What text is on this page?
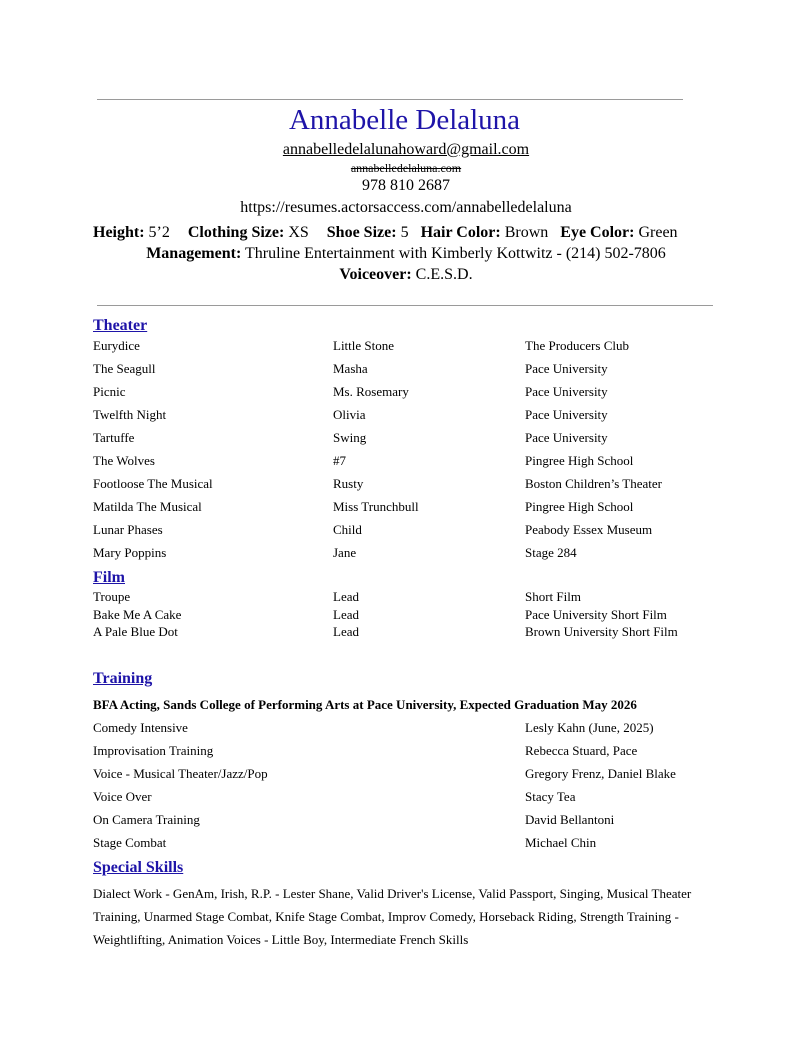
Annabelle Delaluna
annabelledelalunahoward@gmail.com
annabelledelaluna.com
978 810 2687
https://resumes.actorsaccess.com/annabelledelaluna
Height: 5’2 Clothing Size: XS Shoe Size: 5 Hair Color: Brown Eye Color: Green
Management: Thruline Entertainment with Kimberly Kottwitz - (214) 502-7806
Voiceover: C.E.S.D.
Theater
Eurydice	Little Stone	The Producers Club
The Seagull	Masha	Pace University
Picnic	Ms. Rosemary	Pace University
Twelfth Night	Olivia	Pace University
Tartuffe	Swing	Pace University
The Wolves	#7	Pingree High School
Footloose The Musical	Rusty	Boston Children’s Theater
Matilda The Musical	Miss Trunchbull	Pingree High School
Lunar Phases	Child	Peabody Essex Museum
Mary Poppins	Jane	Stage 284
Film
Troupe	Lead	Short Film
Bake Me A Cake	Lead	Pace University Short Film
A Pale Blue Dot	Lead	Brown University Short Film
Training
BFA Acting, Sands College of Performing Arts at Pace University, Expected Graduation May 2026
Comedy Intensive	Lesly Kahn (June, 2025)
Improvisation Training	Rebecca Stuard, Pace
Voice - Musical Theater/Jazz/Pop	Gregory Frenz, Daniel Blake
Voice Over	Stacy Tea
On Camera Training	David Bellantoni
Stage Combat	Michael Chin
Special Skills
Dialect Work - GenAm, Irish, R.P. - Lester Shane, Valid Driver's License, Valid Passport, Singing, Musical Theater Training, Unarmed Stage Combat, Knife Stage Combat, Improv Comedy, Horseback Riding, Strength Training - Weightlifting, Animation Voices - Little Boy, Intermediate French Skills
